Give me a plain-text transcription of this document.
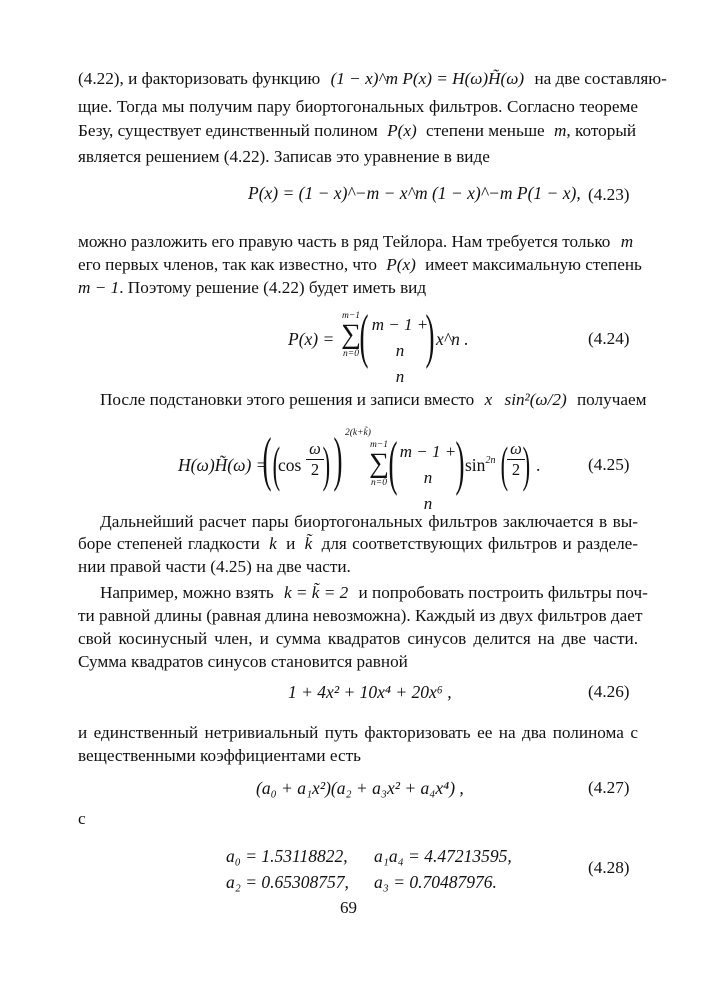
(4.22), и факторизовать функцию (1 − x)^m P(x) = H(ω)H̃(ω) на две составляю-
щие. Тогда мы получим пару биортогональных фильтров. Согласно теореме
Безу, существует единственный полином P(x) степени меньше m, который
является решением (4.22). Записав это уравнение в виде
P(x) = (1 − x)^−m − x^m (1 − x)^−m P(1 − x), (4.23)
можно разложить его правую часть в ряд Тейлора. Нам требуется только m
его первых членов, так как известно, что P(x) имеет максимальную степень
m − 1. Поэтому решение (4.22) будет иметь вид
P(x) =
m−1
∑
n=0 ( m − 1 + n
n
) x^n .	(4.24)
После подстановки этого решения и записи вместо x sin²(ω/2) получаем
H(ω)H̃(ω) =
( (
cos
ω
2 ) ) 2(k+k̃)
m−1
∑
n=0 ( m − 1 + n
n
) $\sin^{2n}$ ( ω
2 ) .	(4.25)
Дальнейший расчет пары биортогональных фильтров заключается в вы-
боре степеней гладкости k и k̃ для соответствующих фильтров и разделе-
нии правой части (4.25) на две части.
Например, можно взять k = k̃ = 2 и попробовать построить фильтры поч-
ти равной длины (равная длина невозможна). Каждый из двух фильтров дает
свой косинусный член, и сумма квадратов синусов делится на две части.
Сумма квадратов синусов становится равной
1 + 4x² + 10x⁴ + 20x⁶ ,	(4.26)
и единственный нетривиальный путь факторизовать ее на два полинома с
вещественными коэффициентами есть
(a₀ + a₁x²)(a₂ + a₃x² + a₄x⁴) ,	(4.27)
с
a₀ = 1.53118822, a₁a₄ = 4.47213595,
a₂ = 0.65308757, a₃ = 0.70487976.
(4.28)
69
